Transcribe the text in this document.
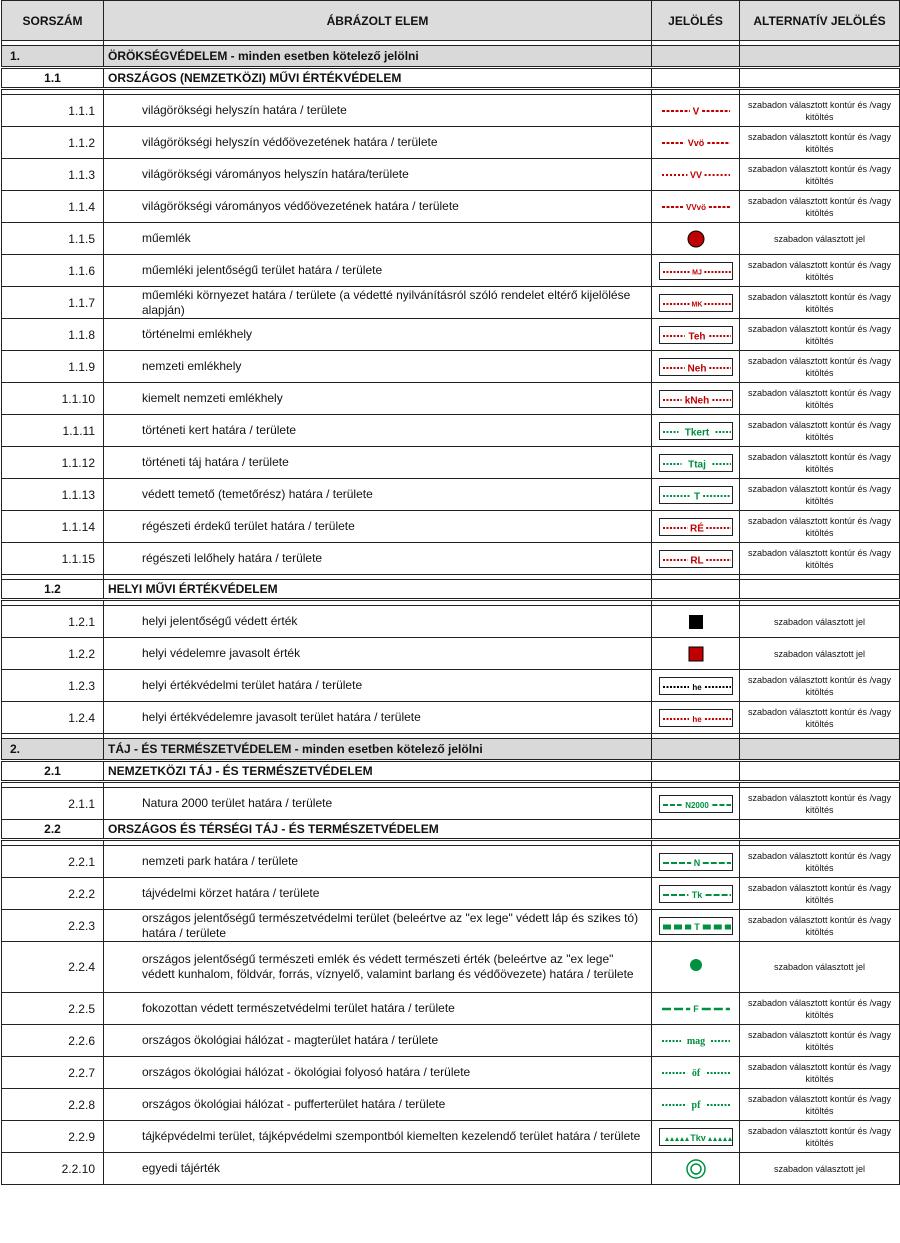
SORSZÁM	ÁBRÁZOLT ELEM	JELÖLÉS	ALTERNATÍV JELÖLÉS

1.	ÖRÖKSÉGVÉDELEM - minden esetben kötelező jelölni		
1.1	ORSZÁGOS (NEMZETKÖZI) MŰVI ÉRTÉKVÉDELEM		

1.1.1	világörökségi helyszín határa / területe	V	szabadon választott kontúr és /vagy kitöltés
1.1.2	világörökségi helyszín védőövezetének határa / területe	Vvö	szabadon választott kontúr és /vagy kitöltés
1.1.3	világörökségi várományos helyszín határa/területe	VV	szabadon választott kontúr és /vagy kitöltés
1.1.4	világörökségi várományos védőövezetének határa / területe	VVvö	szabadon választott kontúr és /vagy kitöltés
1.1.5	műemlék		szabadon választott jel
1.1.6	műemléki jelentőségű terület határa / területe	MJ	szabadon választott kontúr és /vagy kitöltés
1.1.7	műemléki környezet határa / területe (a védetté nyilvánításról szóló rendelet eltérő kijelölése alapján)	MK	szabadon választott kontúr és /vagy kitöltés
1.1.8	történelmi emlékhely	Teh	szabadon választott kontúr és /vagy kitöltés
1.1.9	nemzeti emlékhely	Neh	szabadon választott kontúr és /vagy kitöltés
1.1.10	kiemelt nemzeti emlékhely	kNeh	szabadon választott kontúr és /vagy kitöltés
1.1.11	történeti kert határa / területe	Tkert	szabadon választott kontúr és /vagy kitöltés
1.1.12	történeti táj határa / területe	Ttaj	szabadon választott kontúr és /vagy kitöltés
1.1.13	védett temető (temetőrész) határa / területe	T	szabadon választott kontúr és /vagy kitöltés
1.1.14	régészeti érdekű terület határa / területe	RÉ	szabadon választott kontúr és /vagy kitöltés
1.1.15	régészeti lelőhely határa / területe	RL	szabadon választott kontúr és /vagy kitöltés

1.2	HELYI MŰVI ÉRTÉKVÉDELEM		

1.2.1	helyi jelentőségű védett érték		szabadon választott jel
1.2.2	helyi védelemre javasolt érték		szabadon választott jel
1.2.3	helyi értékvédelmi terület határa / területe	he	szabadon választott kontúr és /vagy kitöltés
1.2.4	helyi értékvédelemre javasolt terület határa / területe	he	szabadon választott kontúr és /vagy kitöltés

2.	TÁJ - ÉS TERMÉSZETVÉDELEM - minden esetben kötelező jelölni		
2.1	NEMZETKÖZI TÁJ - ÉS TERMÉSZETVÉDELEM		

2.1.1	Natura 2000 terület határa / területe	N2000	szabadon választott kontúr és /vagy kitöltés
2.2	ORSZÁGOS ÉS TÉRSÉGI TÁJ - ÉS TERMÉSZETVÉDELEM		

2.2.1	nemzeti park határa / területe	N	szabadon választott kontúr és /vagy kitöltés
2.2.2	tájvédelmi körzet határa / területe	Tk	szabadon választott kontúr és /vagy kitöltés
2.2.3	országos jelentőségű természetvédelmi terület (beleértve az "ex lege" védett láp és szikes tó) határa / területe	T	szabadon választott kontúr és /vagy kitöltés
2.2.4	országos jelentőségű természeti emlék és védett természeti érték (beleértve az "ex lege" védett kunhalom, földvár, forrás, víznyelő, valamint barlang és védőövezete) határa / területe		szabadon választott jel
2.2.5	fokozottan védett természetvédelmi terület határa / területe	F	szabadon választott kontúr és /vagy kitöltés
2.2.6	országos ökológiai hálózat - magterület határa / területe	mag	szabadon választott kontúr és /vagy kitöltés
2.2.7	országos ökológiai hálózat - ökológiai folyosó határa / területe	öf	szabadon választott kontúr és /vagy kitöltés
2.2.8	országos ökológiai hálózat - pufferterület határa / területe	pf	szabadon választott kontúr és /vagy kitöltés
2.2.9	tájképvédelmi terület, tájképvédelmi szempontból kiemelten kezelendő terület határa / területe	Tkv	szabadon választott kontúr és /vagy kitöltés
2.2.10	egyedi tájérték		szabadon választott jel
